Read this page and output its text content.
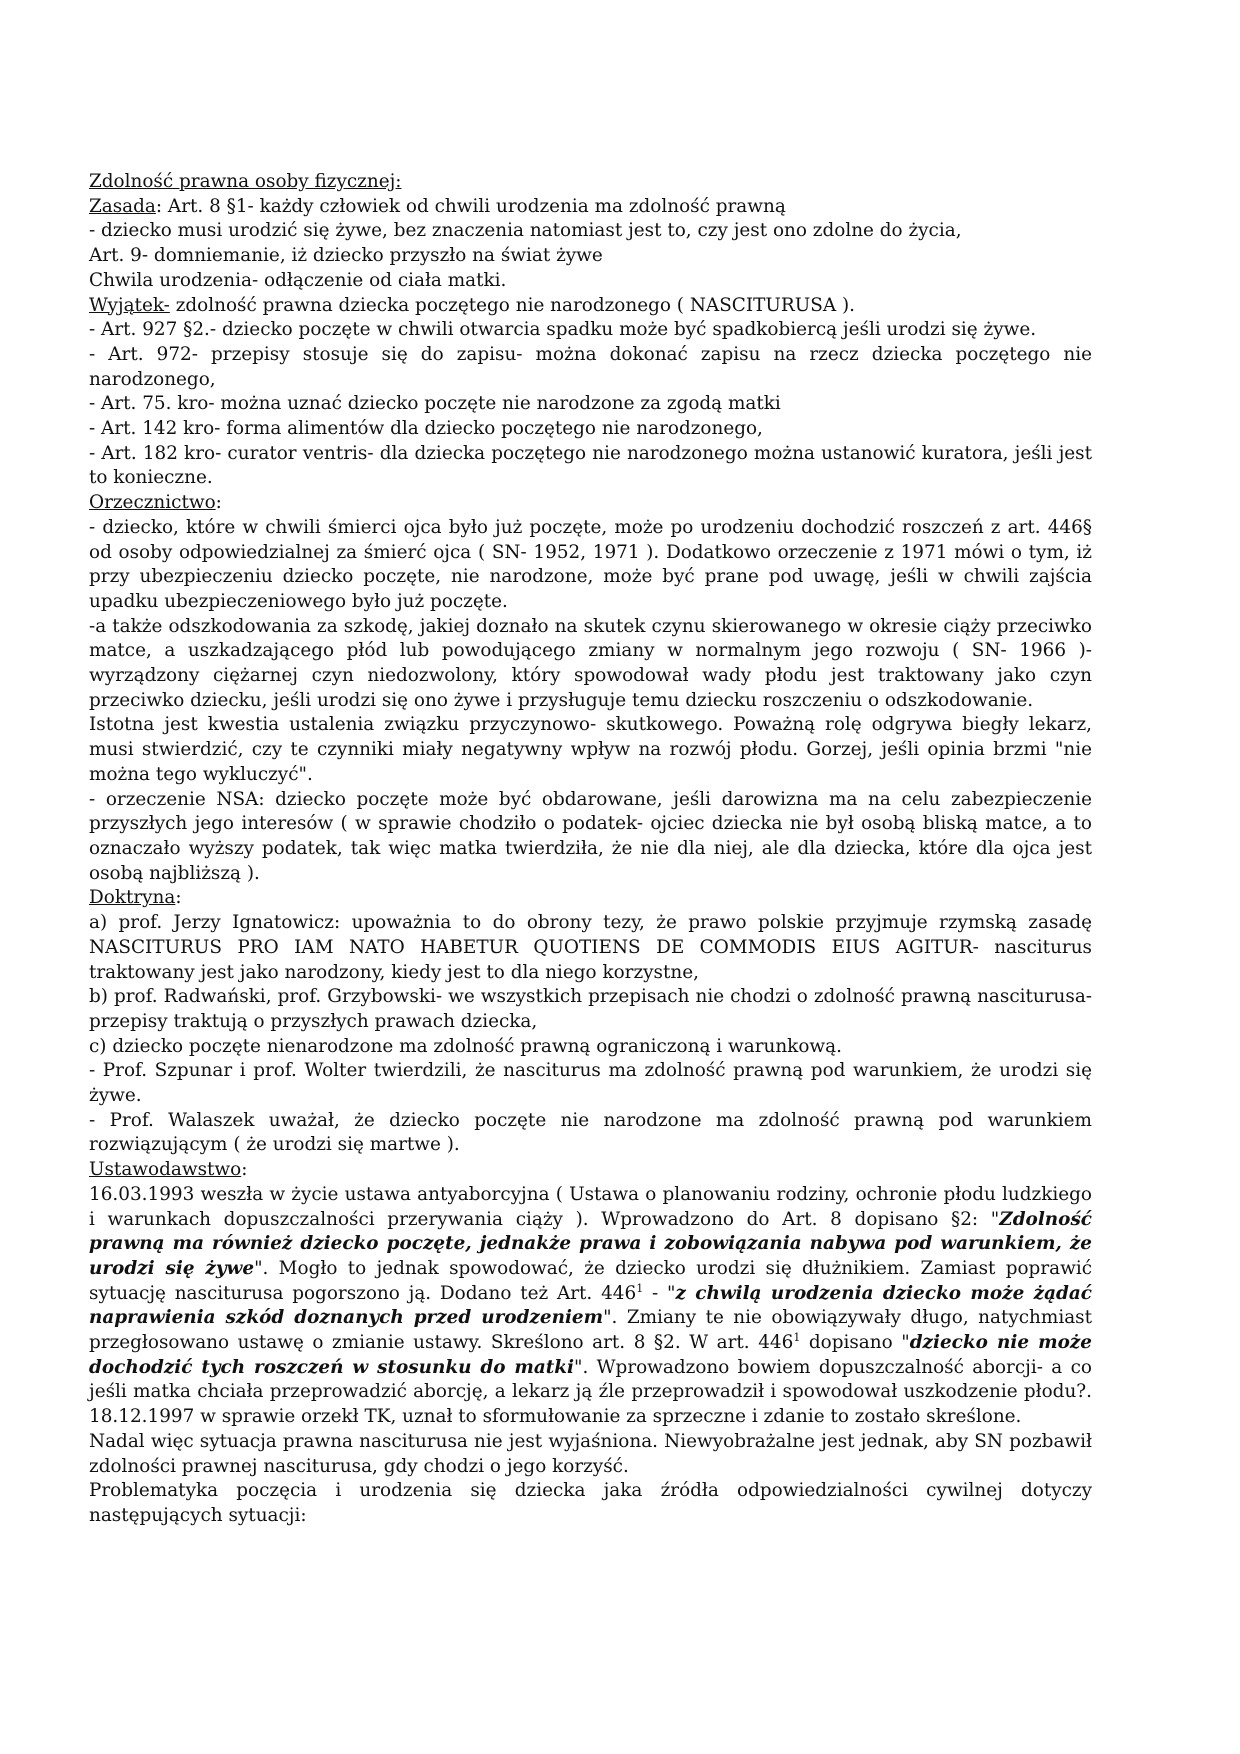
Zdolność prawna osoby fizycznej:

Zasada: Art. 8 §1- każdy człowiek od chwili urodzenia ma zdolność prawną

- dziecko musi urodzić się żywe, bez znaczenia natomiast jest to, czy jest ono zdolne do życia,

Art. 9- domniemanie, iż dziecko przyszło na świat żywe

Chwila urodzenia- odłączenie od ciała matki.

Wyjątek- zdolność prawna dziecka poczętego nie narodzonego ( NASCITURUSA ).

- Art. 927 §2.- dziecko poczęte w chwili otwarcia spadku może być spadkobiercą jeśli urodzi się żywe.

- Art. 972- przepisy stosuje się do zapisu- można dokonać zapisu na rzecz dziecka poczętego nie narodzonego,

- Art. 75. kro- można uznać dziecko poczęte nie narodzone za zgodą matki

- Art. 142 kro- forma alimentów dla dziecko poczętego nie narodzonego,

- Art. 182 kro- curator ventris- dla dziecka poczętego nie narodzonego można ustanowić kuratora, jeśli jest to konieczne.

Orzecznictwo:

- dziecko, które w chwili śmierci ojca było już poczęte, może po urodzeniu dochodzić roszczeń z art. 446§ od osoby odpowiedzialnej za śmierć ojca ( SN- 1952, 1971 ). Dodatkowo orzeczenie z 1971 mówi o tym, iż przy ubezpieczeniu dziecko poczęte, nie narodzone, może być prane pod uwagę, jeśli w chwili zajścia upadku ubezpieczeniowego było już poczęte.

-a także odszkodowania za szkodę, jakiej doznało na skutek czynu skierowanego w okresie ciąży przeciwko matce, a uszkadzającego płód lub powodującego zmiany w normalnym jego rozwoju ( SN- 1966 )- wyrządzony ciężarnej czyn niedozwolony, który spowodował wady płodu jest traktowany jako czyn przeciwko dziecku, jeśli urodzi się ono żywe i przysługuje temu dziecku roszczeniu o odszkodowanie.

Istotna jest kwestia ustalenia związku przyczynowo- skutkowego. Poważną rolę odgrywa biegły lekarz, musi stwierdzić, czy te czynniki miały negatywny wpływ na rozwój płodu. Gorzej, jeśli opinia brzmi "nie można tego wykluczyć".

- orzeczenie NSA: dziecko poczęte może być obdarowane, jeśli darowizna ma na celu zabezpieczenie przyszłych jego interesów ( w sprawie chodziło o podatek- ojciec dziecka nie był osobą bliską matce, a to oznaczało wyższy podatek, tak więc matka twierdziła, że nie dla niej, ale dla dziecka, które dla ojca jest osobą najbliższą ).

Doktryna:

a) prof. Jerzy Ignatowicz: upoważnia to do obrony tezy, że prawo polskie przyjmuje rzymską zasadę NASCITURUS PRO IAM NATO HABETUR QUOTIENS DE COMMODIS EIUS AGITUR- nasciturus traktowany jest jako narodzony, kiedy jest to dla niego korzystne,

b) prof. Radwański, prof. Grzybowski- we wszystkich przepisach nie chodzi o zdolność prawną nasciturusa- przepisy traktują o przyszłych prawach dziecka,

c) dziecko poczęte nienarodzone ma zdolność prawną ograniczoną i warunkową.

- Prof. Szpunar i prof. Wolter twierdzili, że nasciturus ma zdolność prawną pod warunkiem, że urodzi się żywe.

- Prof. Walaszek uważał, że dziecko poczęte nie narodzone ma zdolność prawną pod warunkiem rozwiązującym ( że urodzi się martwe ).

Ustawodawstwo:

16.03.1993 weszła w życie ustawa antyaborcyjna ( Ustawa o planowaniu rodziny, ochronie płodu ludzkiego i warunkach dopuszczalności przerywania ciąży ). Wprowadzono do Art. 8 dopisano §2: "Zdolność prawną ma również dziecko poczęte, jednakże prawa i zobowiązania nabywa pod warunkiem, że urodzi się żywe". Mogło to jednak spowodować, że dziecko urodzi się dłużnikiem. Zamiast poprawić sytuację nasciturusa pogorszono ją. Dodano też Art. $446^1$ - "z chwilą urodzenia dziecko może żądać naprawienia szkód doznanych przed urodzeniem". Zmiany te nie obowiązywały długo, natychmiast przegłosowano ustawę o zmianie ustawy. Skreślono art. 8 §2. W art. $446^1$ dopisano "dziecko nie może dochodzić tych roszczeń w stosunku do matki". Wprowadzono bowiem dopuszczalność aborcji- a co jeśli matka chciała przeprowadzić aborcję, a lekarz ją źle przeprowadził i spowodował uszkodzenie płodu?. 18.12.1997 w sprawie orzekł TK, uznał to sformułowanie za sprzeczne i zdanie to zostało skreślone.

Nadal więc sytuacja prawna nasciturusa nie jest wyjaśniona. Niewyobrażalne jest jednak, aby SN pozbawił zdolności prawnej nasciturusa, gdy chodzi o jego korzyść.

Problematyka poczęcia i urodzenia się dziecka jaka źródła odpowiedzialności cywilnej dotyczy następujących sytuacji:
